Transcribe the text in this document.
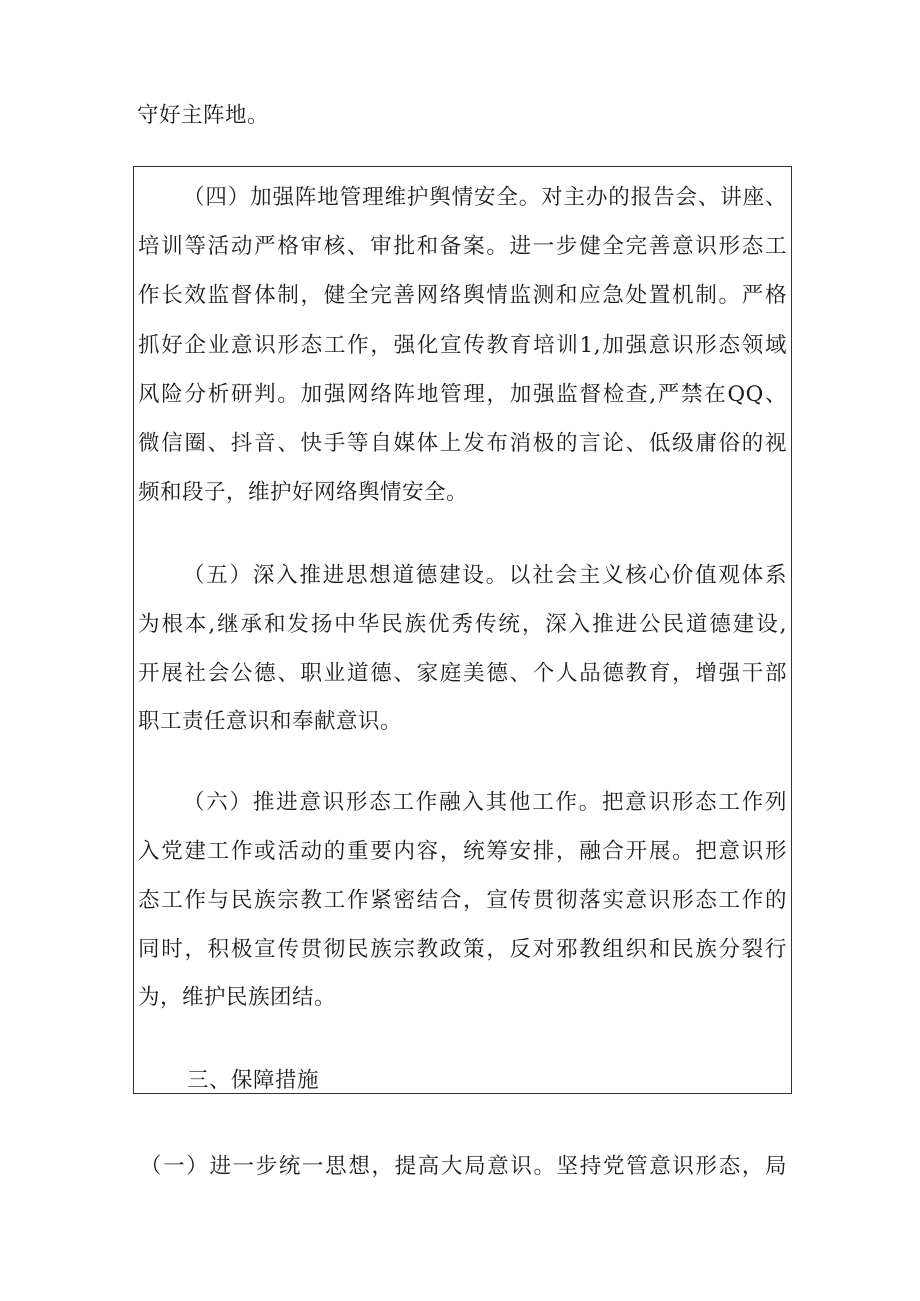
守好主阵地。
（四）加强阵地管理维护舆情安全。对主办的报告会、讲座、
培训等活动严格审核、审批和备案。进一步健全完善意识形态工
作长效监督体制，健全完善网络舆情监测和应急处置机制。严格
抓好企业意识形态工作，强化宣传教育培训1,加强意识形态领域
风险分析研判。加强网络阵地管理，加强监督检查,严禁在QQ、
微信圈、抖音、快手等自媒体上发布消极的言论、低级庸俗的视
频和段子，维护好网络舆情安全。
（五）深入推进思想道德建设。以社会主义核心价值观体系
为根本,继承和发扬中华民族优秀传统，深入推进公民道德建设,
开展社会公德、职业道德、家庭美德、个人品德教育，增强干部
职工责任意识和奉献意识。
（六）推进意识形态工作融入其他工作。把意识形态工作列
入党建工作或活动的重要内容，统筹安排，融合开展。把意识形
态工作与民族宗教工作紧密结合，宣传贯彻落实意识形态工作的
同时，积极宣传贯彻民族宗教政策，反对邪教组织和民族分裂行
为，维护民族团结。
三、保障措施
（一）进一步统一思想，提高大局意识。坚持党管意识形态，局
